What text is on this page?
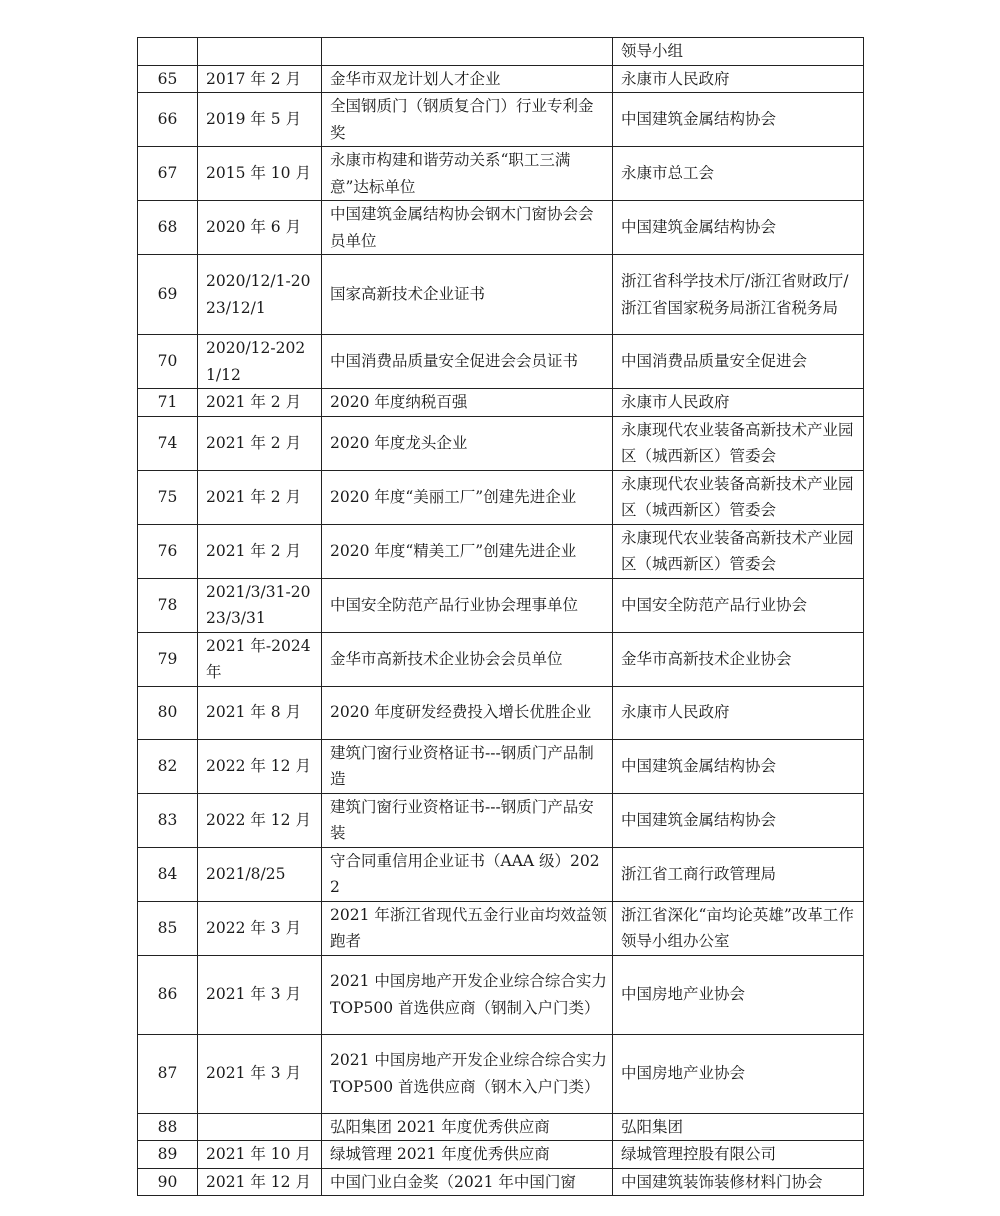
			领导小组
65	2017 年 2 月	金华市双龙计划人才企业	永康市人民政府
66	2019 年 5 月	全国钢质门（钢质复合门）行业专利金奖	中国建筑金属结构协会
67	2015 年 10 月	永康市构建和谐劳动关系“职工三满意”达标单位	永康市总工会
68	2020 年 6 月	中国建筑金属结构协会钢木门窗协会会员单位	中国建筑金属结构协会
69	2020/12/1-2023/12/1	国家高新技术企业证书	浙江省科学技术厅/浙江省财政厅/浙江省国家税务局浙江省税务局
70	2020/12-2021/12	中国消费品质量安全促进会会员证书	中国消费品质量安全促进会
71	2021 年 2 月	2020 年度纳税百强	永康市人民政府
74	2021 年 2 月	2020 年度龙头企业	永康现代农业装备高新技术产业园区（城西新区）管委会
75	2021 年 2 月	2020 年度“美丽工厂”创建先进企业	永康现代农业装备高新技术产业园区（城西新区）管委会
76	2021 年 2 月	2020 年度“精美工厂”创建先进企业	永康现代农业装备高新技术产业园区（城西新区）管委会
78	2021/3/31-2023/3/31	中国安全防范产品行业协会理事单位	中国安全防范产品行业协会
79	2021 年-2024 年	金华市高新技术企业协会会员单位	金华市高新技术企业协会
80	2021 年 8 月	2020 年度研发经费投入增长优胜企业	永康市人民政府
82	2022 年 12 月	建筑门窗行业资格证书---钢质门产品制造	中国建筑金属结构协会
83	2022 年 12 月	建筑门窗行业资格证书---钢质门产品安装	中国建筑金属结构协会
84	2021/8/25	守合同重信用企业证书（AAA 级）2022	浙江省工商行政管理局
85	2022 年 3 月	2021 年浙江省现代五金行业亩均效益领跑者	浙江省深化“亩均论英雄”改革工作领导小组办公室
86	2021 年 3 月	2021 中国房地产开发企业综合综合实力 TOP500 首选供应商（钢制入户门类）	中国房地产业协会
87	2021 年 3 月	2021 中国房地产开发企业综合综合实力 TOP500 首选供应商（钢木入户门类）	中国房地产业协会
88		弘阳集团 2021 年度优秀供应商	弘阳集团
89	2021 年 10 月	绿城管理 2021 年度优秀供应商	绿城管理控股有限公司
90	2021 年 12 月	中国门业白金奖（2021 年中国门窗	中国建筑装饰装修材料门协会
